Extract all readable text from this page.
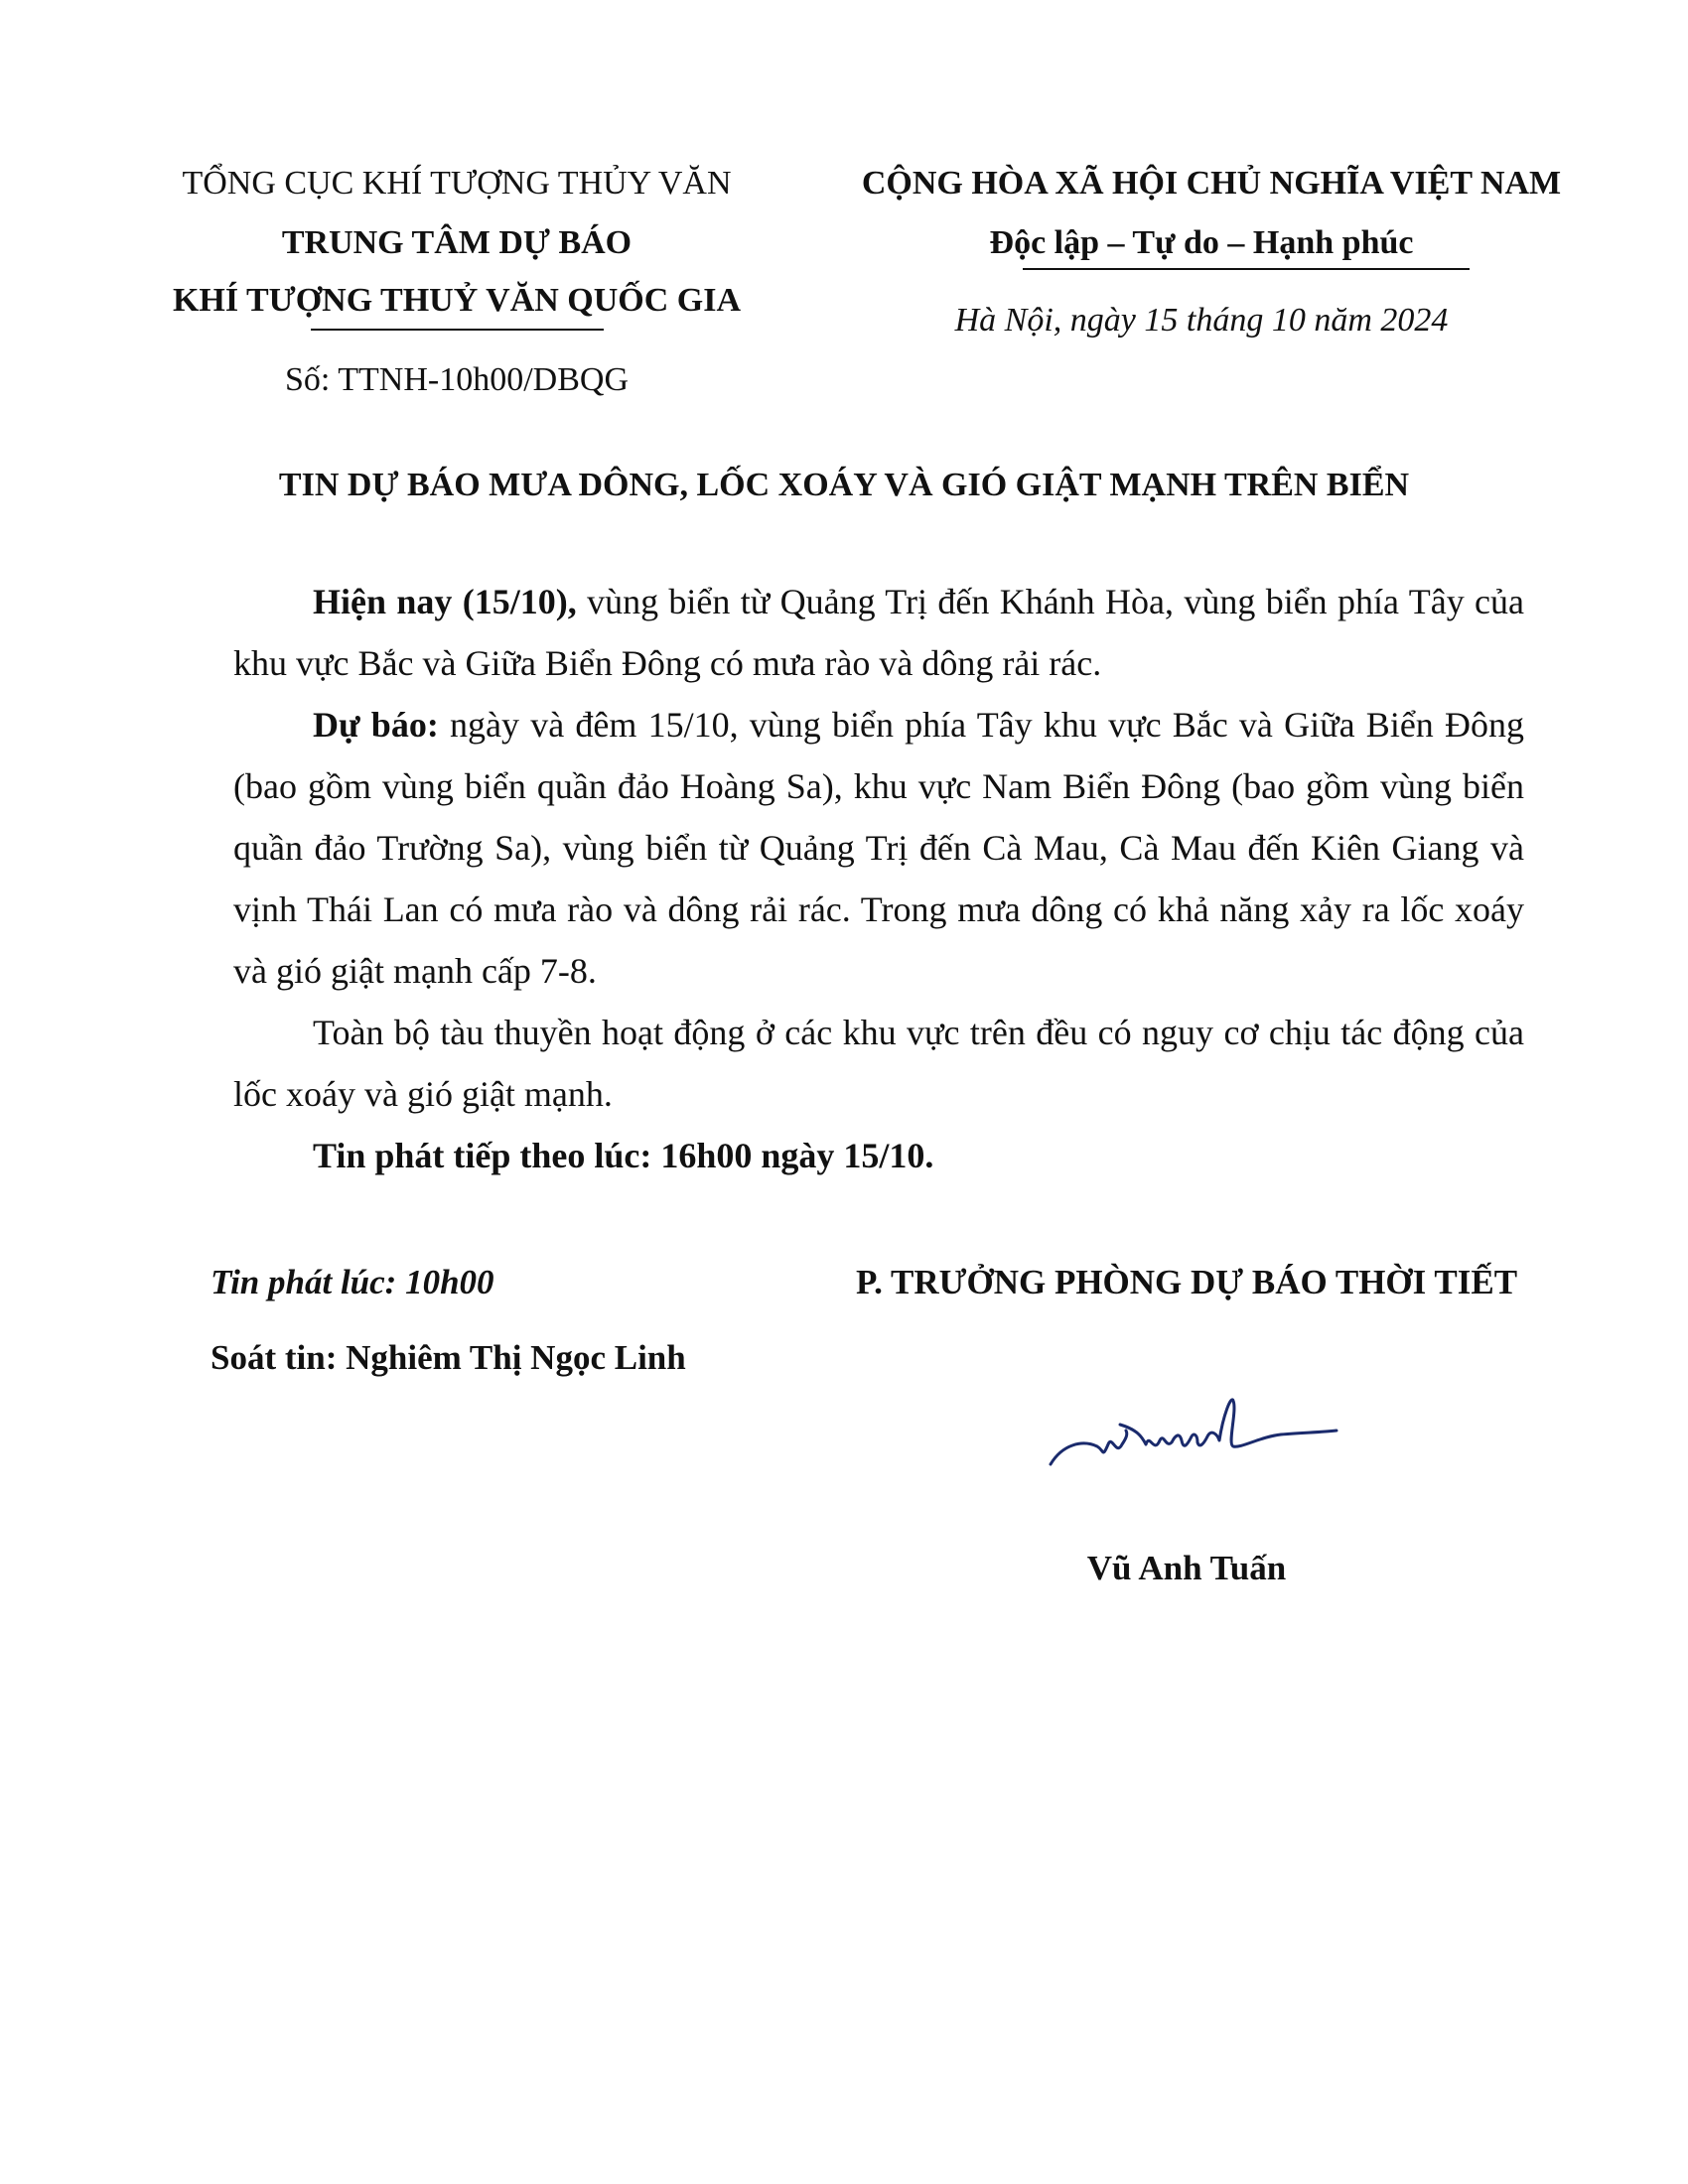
TỔNG CỤC KHÍ TƯỢNG THỦY VĂN
TRUNG TÂM DỰ BÁO
KHÍ TƯỢNG THUỶ VĂN QUỐC GIA
Số: TTNH-10h00/DBQG
CỘNG HÒA XÃ HỘI CHỦ NGHĨA VIỆT NAM
Độc lập – Tự do – Hạnh phúc
Hà Nội, ngày 15 tháng 10 năm 2024
TIN DỰ BÁO MƯA DÔNG, LỐC XOÁY VÀ GIÓ GIẬT MẠNH TRÊN BIỂN

Hiện nay (15/10), vùng biển từ Quảng Trị đến Khánh Hòa, vùng biển phía Tây của khu vực Bắc và Giữa Biển Đông có mưa rào và dông rải rác.

Dự báo: ngày và đêm 15/10, vùng biển phía Tây khu vực Bắc và Giữa Biển Đông (bao gồm vùng biển quần đảo Hoàng Sa), khu vực Nam Biển Đông (bao gồm vùng biển quần đảo Trường Sa), vùng biển từ Quảng Trị đến Cà Mau, Cà Mau đến Kiên Giang và vịnh Thái Lan có mưa rào và dông rải rác. Trong mưa dông có khả năng xảy ra lốc xoáy và gió giật mạnh cấp 7-8.

Toàn bộ tàu thuyền hoạt động ở các khu vực trên đều có nguy cơ chịu tác động của lốc xoáy và gió giật mạnh.

Tin phát tiếp theo lúc: 16h00 ngày 15/10.

Tin phát lúc: 10h00
Soát tin: Nghiêm Thị Ngọc Linh
P. TRƯỞNG PHÒNG DỰ BÁO THỜI TIẾT
Vũ Anh Tuấn
